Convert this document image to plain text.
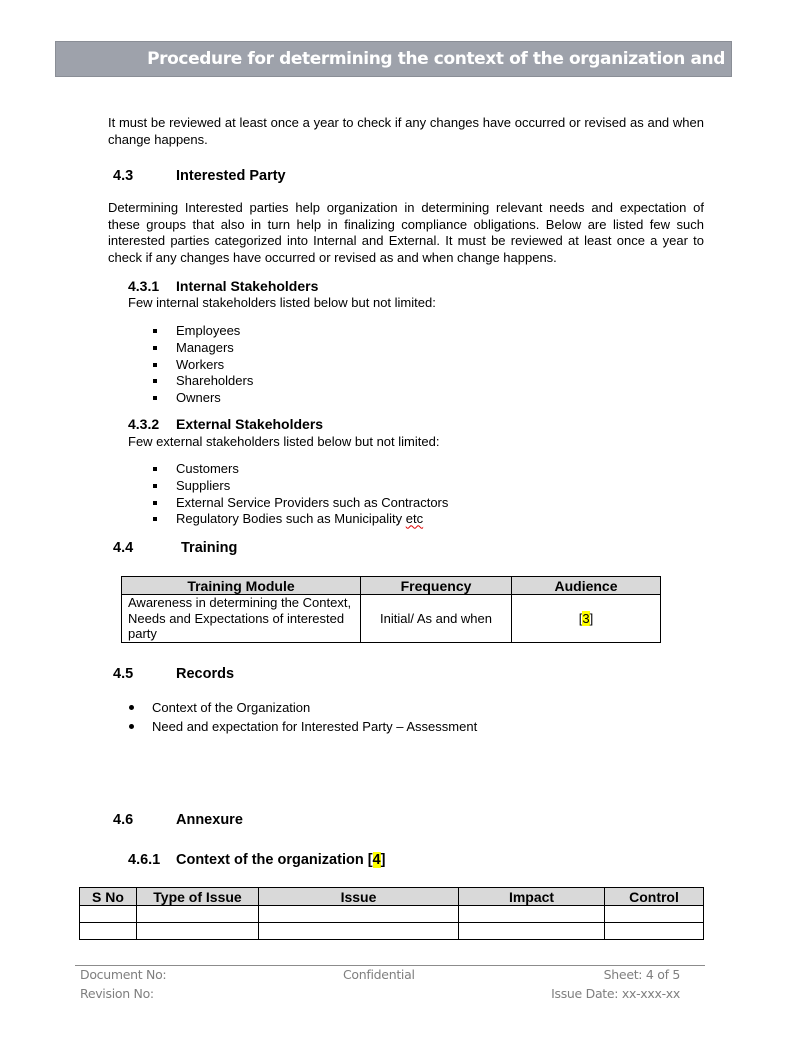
Procedure for determining the context of the organization and interested parties
It must be reviewed at least once a year to check if any changes have occurred or revised as and when change happens.
4.3	Interested Party
Determining Interested parties help organization in determining relevant needs and expectation of these groups that also in turn help in finalizing compliance obligations. Below are listed few such interested parties categorized into Internal and External. It must be reviewed at least once a year to check if any changes have occurred or revised as and when change happens.
4.3.1 Internal Stakeholders
Few internal stakeholders listed below but not limited:
Employees
Managers
Workers
Shareholders
Owners
4.3.2 External Stakeholders
Few external stakeholders listed below but not limited:
Customers
Suppliers
External Service Providers such as Contractors
Regulatory Bodies such as Municipality etc
4.4	Training
Training Module	Frequency	Audience
Awareness in determining the Context, Needs and Expectations of interested party	Initial/ As and when	[3]
4.5	Records
Context of the Organization
Need and expectation for Interested Party – Assessment
4.6	Annexure
4.6.1 Context of the organization [4]
S No	Type of Issue	Issue	Impact	Control

Document No:
Revision No:
Confidential	Sheet: 4 of 5
Issue Date: xx-xxx-xx
